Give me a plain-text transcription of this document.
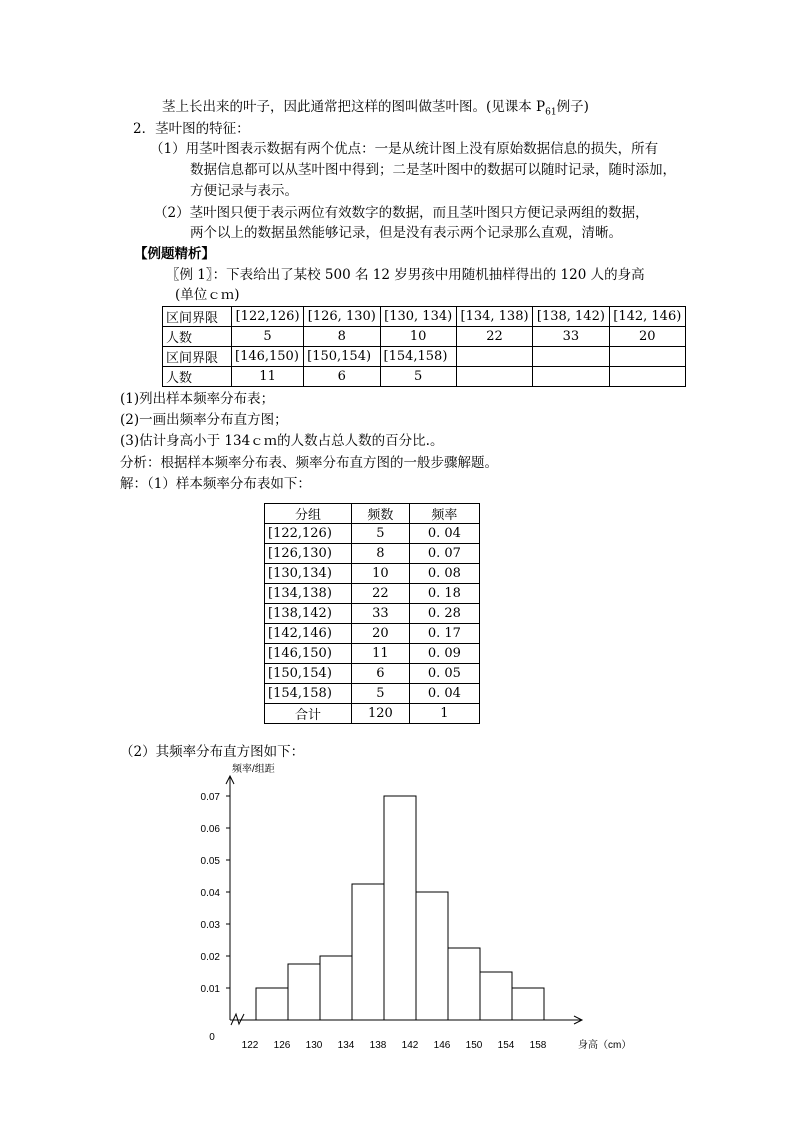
茎上长出来的叶子，因此通常把这样的图叫做茎叶图。(见课本 $P_{61}$例子)
2．茎叶图的特征：
（1）用茎叶图表示数据有两个优点：一是从统计图上没有原始数据信息的损失，所有
数据信息都可以从茎叶图中得到；二是茎叶图中的数据可以随时记录，随时添加，
方便记录与表示。
（2）茎叶图只便于表示两位有效数字的数据，而且茎叶图只方便记录两组的数据，
两个以上的数据虽然能够记录，但是没有表示两个记录那么直观，清晰。
【例题精析】
〖例 1〗：下表给出了某校 500 名 12 岁男孩中用随机抽样得出的 120 人的身高
(单位ｃｍ)
区间界限	[122,126)	[126, 130)	[130, 134)	[134, 138)	[138, 142)	[142, 146)
人数	5	8	10	22	33	20
区间界限	[146,150)	[150,154)	[154,158)			
人数	11	6	5			
(1)列出样本频率分布表；
(2)一画出频率分布直方图；
(3)估计身高小于 134ｃｍ的人数占总人数的百分比.。
分析：根据样本频率分布表、频率分布直方图的一般步骤解题。
解：（1）样本频率分布表如下：
分组	频数	频率
[122,126)	5	0. 04
[126,130)	8	0. 07
[130,134)	10	0. 08
[134,138)	22	0. 18
[138,142)	33	0. 28
[142,146)	20	0. 17
[146,150)	11	0. 09
[150,154)	6	0. 05
[154,158)	5	0. 04
合计	120	1
（2）其频率分布直方图如下：
0.01
0.02
0.03
0.04
0.05
0.06
0.07
频率/组距
0
122 126 130 134 138 142 146 150 154 158	身高（cm）
